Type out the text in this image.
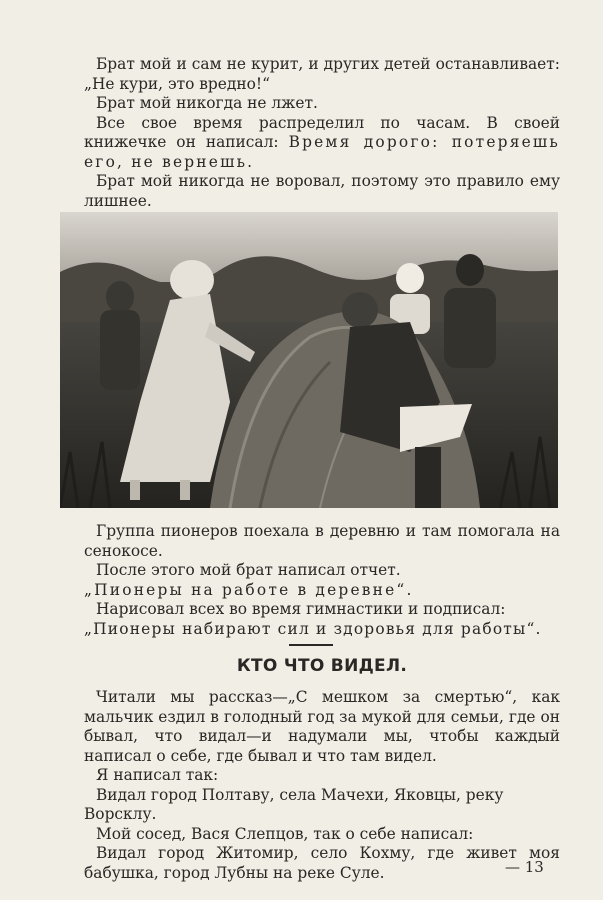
Брат мой и сам не курит, и других детей останавливает: „Не кури, это вредно!“

Брат мой никогда не лжет.

Все свое время распределил по часам. В своей книжечке он написал: Время дорого: потеряешь его, не вернешь.

Брат мой никогда не воровал, поэтому это правило ему лишнее.

Группа пионеров поехала в деревню и там помогала на сенокосе.

После этого мой брат написал отчет.

„Пионеры на работе в деревне“.

Нарисовал всех во время гимнастики и подписал:

„Пионеры набирают сил и здоровья для работы“.

КТО ЧТО ВИДЕЛ.

Читали мы рассказ—„С мешком за смертью“, как мальчик ездил в голодный год за мукой для семьи, где он бывал, что видал—и надумали мы, чтобы каждый написал о себе, где бывал и что там видел.

Я написал так:

Видал город Полтаву, села Мачехи, Яковцы, реку Ворсклу.

Мой сосед, Вася Слепцов, так о себе написал:

Видал город Житомир, село Кохму, где живет моя бабушка, город Лубны на реке Суле.	— 13
